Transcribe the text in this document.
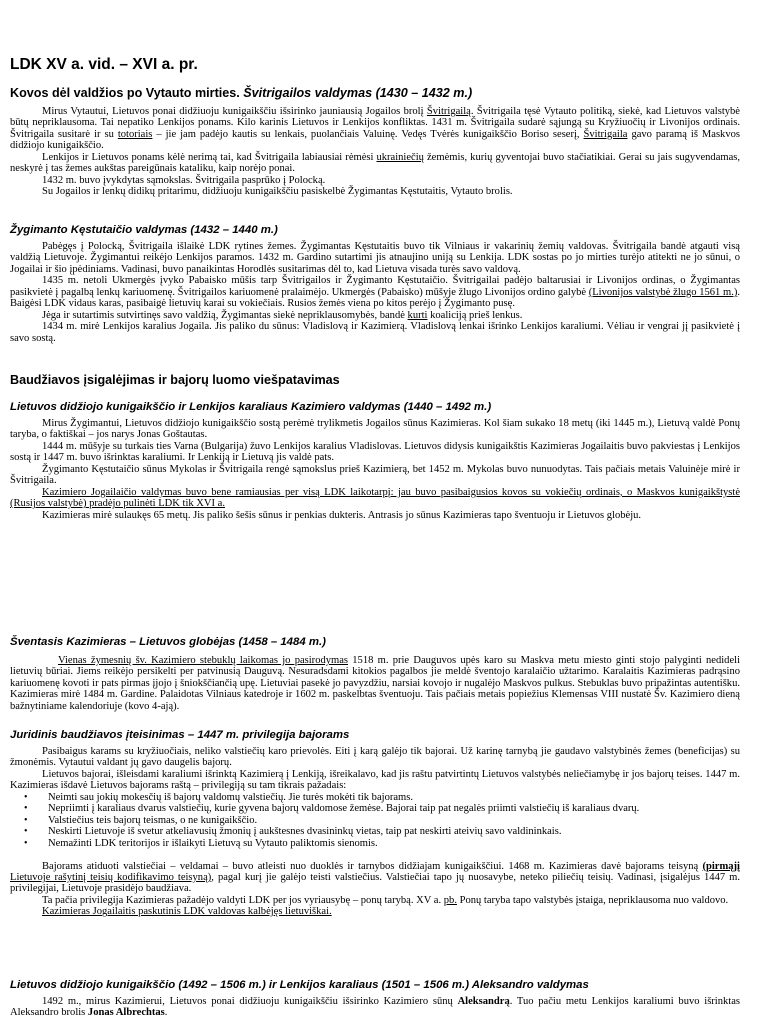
LDK XV a. vid. – XVI a. pr.
Kovos dėl valdžios po Vytauto mirties. Švitrigailos valdymas (1430 – 1432 m.)

Mirus Vytautui, Lietuvos ponai didžiuoju kunigaikščiu išsirinko jauniausią Jogailos brolį Švitrigailą. Švitrigaila tęsė Vytauto politiką, siekė, kad Lietuvos valstybė būtų nepriklausoma. Tai nepatiko Lenkijos ponams. Kilo karinis Lietuvos ir Lenkijos konfliktas. 1431 m. Švitrigaila sudarė sąjungą su Kryžiuočių ir Livonijos ordinais. Švitrigaila susitarė ir su totoriais – jie jam padėjo kautis su lenkais, puolančiais Valuinę. Vedęs Tvėrės kunigaikščio Boriso seserį, Švitrigaila gavo paramą iš Maskvos didžiojo kunigaikščio.

Lenkijos ir Lietuvos ponams kėlė nerimą tai, kad Švitrigaila labiausiai rėmėsi ukrainiečių žemėmis, kurių gyventojai buvo stačiatikiai. Gerai su jais sugyvendamas, neskyrė į tas žemes aukštas pareigūnais kataliku, kaip norėjo ponai.

1432 m. buvo įvykdytas sąmokslas. Švitrigaila pasprūko į Polocką.

Su Jogailos ir lenkų didikų pritarimu, didžiuoju kunigaikščiu pasiskelbė Žygimantas Kęstutaitis, Vytauto brolis.

Žygimanto Kęstutaičio valdymas (1432 – 1440 m.)

Pabėgęs į Polocką, Švitrigaila išlaikė LDK rytines žemes. Žygimantas Kęstutaitis buvo tik Vilniaus ir vakarinių žemių valdovas. Švitrigaila bandė atgauti visą valdžią Lietuvoje. Žygimantui reikėjo Lenkijos paramos. 1432 m. Gardino sutartimi jis atnaujino uniją su Lenkija. LDK sostas po jo mirties turėjo atitekti ne jo sūnui, o Jogailai ir šio įpėdiniams. Vadinasi, buvo panaikintas Horodlės susitarimas dėl to, kad Lietuva visada turės savo valdovą.

1435 m. netoli Ukmergės įvyko Pabaisko mūšis tarp Švitrigailos ir Žygimanto Kęstutaičio. Švitrigailai padėjo baltarusiai ir Livonijos ordinas, o Žygimantas pasikvietė į pagalbą lenkų kariuomenę. Švitrigailos kariuomenė pralaimėjo. Ukmergės (Pabaisko) mūšyje žlugo Livonijos ordino galybė (Livonijos valstybė žlugo 1561 m.). Baigėsi LDK vidaus karas, pasibaigė lietuvių karai su vokiečiais. Rusios žemės viena po kitos perėjo į Žygimanto pusę.

Jėga ir sutartimis sutvirtinęs savo valdžią, Žygimantas siekė nepriklausomybės, bandė kurti koaliciją prieš lenkus.

1434 m. mirė Lenkijos karalius Jogaila. Jis paliko du sūnus: Vladislovą ir Kazimierą. Vladislovą lenkai išrinko Lenkijos karaliumi. Vėliau ir vengrai jį pasikvietė į savo sostą.

Baudžiavos įsigalėjimas ir bajorų luomo viešpatavimas
Lietuvos didžiojo kunigaikščio ir Lenkijos karaliaus Kazimiero valdymas (1440 – 1492 m.)

Mirus Žygimantui, Lietuvos didžiojo kunigaikščio sostą perėmė trylikmetis Jogailos sūnus Kazimieras. Kol šiam sukako 18 metų (iki 1445 m.), Lietuvą valdė Ponų taryba, o faktiškai – jos narys Jonas Goštautas.

1444 m. mūšyje su turkais ties Varna (Bulgarija) žuvo Lenkijos karalius Vladislovas. Lietuvos didysis kunigaikštis Kazimieras Jogailaitis buvo pakviestas į Lenkijos sostą ir 1447 m. buvo išrinktas karaliumi. Ir Lenkiją ir Lietuvą jis valdė pats.

Žygimanto Kęstutaičio sūnus Mykolas ir Švitrigaila rengė sąmokslus prieš Kazimierą, bet 1452 m. Mykolas buvo nunuodytas. Tais pačiais metais Valuinėje mirė ir Švitrigaila.

Kazimiero Jogailaičio valdymas buvo bene ramiausias per visą LDK laikotarpį: jau buvo pasibaigusios kovos su vokiečių ordinais, o Maskvos kunigaikštystė (Rusijos valstybė) pradėjo pulinėti LDK tik XVI a.

Kazimieras mirė sulaukęs 65 metų. Jis paliko šešis sūnus ir penkias dukteris. Antrasis jo sūnus Kazimieras tapo šventuoju ir Lietuvos globėju.

Šventasis Kazimieras – Lietuvos globėjas (1458 – 1484 m.)

Vienas žymesnių šv. Kazimiero stebuklų laikomas jo pasirodymas 1518 m. prie Dauguvos upės karo su Maskva metu miesto ginti stojo palyginti nedideli lietuvių būriai. Jiems reikėjo persikelti per patvinusią Dauguvą. Nesuradsdami kitokios pagalbos jie meldė šventojo karalaičio užtarimo. Karalaitis Kazimieras padrąsino kariuomenę kovoti ir pats pirmas įjojo į šniokščiančią upę. Lietuviai pasekė jo pavyzdžiu, narsiai kovojo ir nugalėjo Maskvos pulkus. Stebuklas buvo pripažintas autentišku. Kazimieras mirė 1484 m. Gardine. Palaidotas Vilniaus katedroje ir 1602 m. paskelbtas šventuoju. Tais pačiais metais popiežius Klemensas VIII nustatė Šv. Kazimiero dieną bažnytiniame kalendoriuje (kovo 4-ają).

Juridinis baudžiavos įteisinimas – 1447 m. privilegija bajorams

Pasibaigus karams su kryžiuočiais, neliko valstiečių karo prievolės. Eiti į karą galėjo tik bajorai. Už karinę tarnybą jie gaudavo valstybinės žemes (beneficijas) su žmonėmis. Vytautui valdant jų gavo daugelis bajorų.

Lietuvos bajorai, išleisdami karaliumi išrinktą Kazimierą į Lenkiją, išreikalavo, kad jis raštu patvirtintų Lietuvos valstybės neliečiamybę ir jos bajorų teises. 1447 m. Kazimieras išdavė Lietuvos bajorams raštą – privilegiją su tam tikrais pažadais:

• Neimti sau jokių mokesčių iš bajorų valdomų valstiečių. Jie turės mokėti tik bajorams.
• Nepriimti į karaliaus dvarus valstiečių, kurie gyvena bajorų valdomose žemėse. Bajorai taip pat negalės priimti valstiečių iš karaliaus dvarų.
• Valstiečius teis bajorų teismas, o ne kunigaikščio.
• Neskirti Lietuvoje iš svetur atkeliavusių žmonių į aukštesnes dvasininkų vietas, taip pat neskirti ateivių savo valdininkais.
• Nemažinti LDK teritorijos ir išlaikyti Lietuvą su Vytauto paliktomis sienomis.

Bajorams atiduoti valstiečiai – veldamai – buvo atleisti nuo duoklės ir tarnybos didžiajam kunigaikščiui. 1468 m. Kazimieras davė bajorams teisyną (pirmąjį Lietuvoje rašytinį teisių kodifikavimo teisyną), pagal kurį jie galėjo teisti valstiečius. Valstiečiai tapo jų nuosavybe, neteko piliečių teisių. Vadinasi, įsigalėjus 1447 m. privilegijai, Lietuvoje prasidėjo baudžiava.

Ta pačia privilegija Kazimieras pažadėjo valdyti LDK per jos vyriausybę – ponų tarybą. XV a. pb. Ponų taryba tapo valstybės įstaiga, nepriklausoma nuo valdovo.

Kazimieras Jogailaitis paskutinis LDK valdovas kalbėjęs lietuviškai.

Lietuvos didžiojo kunigaikščio (1492 – 1506 m.) ir Lenkijos karaliaus (1501 – 1506 m.) Aleksandro valdymas

1492 m., mirus Kazimierui, Lietuvos ponai didžiuoju kunigaikščiu išsirinko Kazimiero sūnų Aleksandrą. Tuo pačiu metu Lenkijos karaliumi buvo išrinktas Aleksandro brolis Jonas Albrechtas.
